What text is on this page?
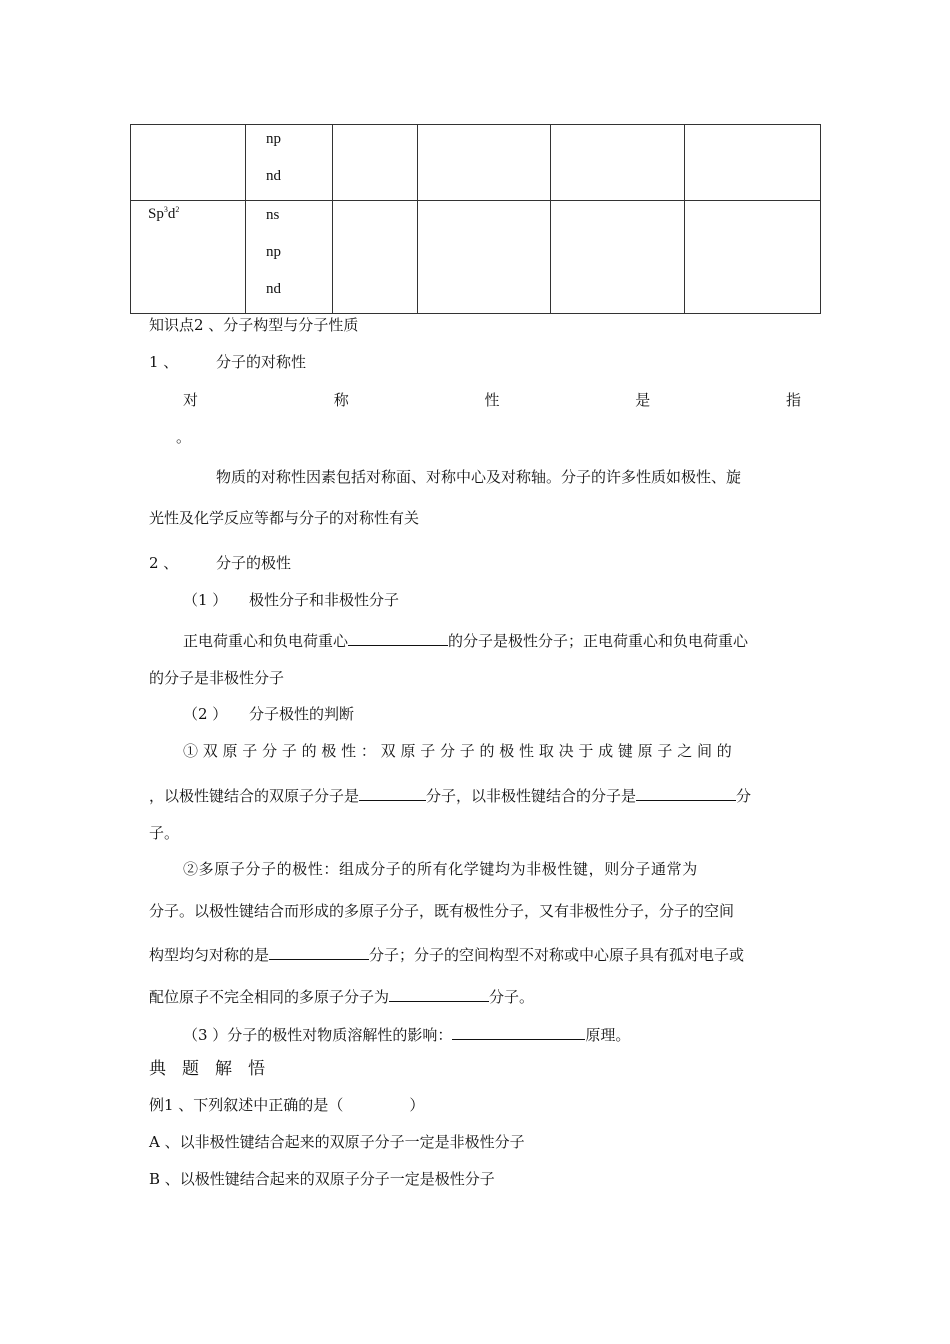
	np
nd				

$Sp^3d^2$	ns
np
nd				

知识点2 、分子构型与分子性质
1 、	分子的对称性
对	称	性	是	指
。
物质的对称性因素包括对称面、对称中心及对称轴。分子的许多性质如极性、旋
光性及化学反应等都与分子的对称性有关
2 、	分子的极性
（1 ） 极性分子和非极性分子
正电荷重心和负电荷重心	的分子是极性分子；正电荷重心和负电荷重心
的分子是非极性分子
（2 ） 分子极性的判断
① 双 原 子 分 子 的 极 性 ： 双 原 子 分 子 的 极 性 取 决 于 成 键 原 子 之 间 的
，以极性键结合的双原子分子是	分子，以非极性键结合的分子是	分
子。
②多原子分子的极性：组成分子的所有化学键均为非极性键，则分子通常为
分子。以极性键结合而形成的多原子分子，既有极性分子，又有非极性分子，分子的空间
构型均匀对称的是	分子；分子的空间构型不对称或中心原子具有孤对电子或
配位原子不完全相同的多原子分子为	分子。
（3 ）分子的极性对物质溶解性的影响：	原理。
典题解悟
例1 、下列叙述中正确的是（	）
A 、以非极性键结合起来的双原子分子一定是非极性分子
B 、以极性键结合起来的双原子分子一定是极性分子
